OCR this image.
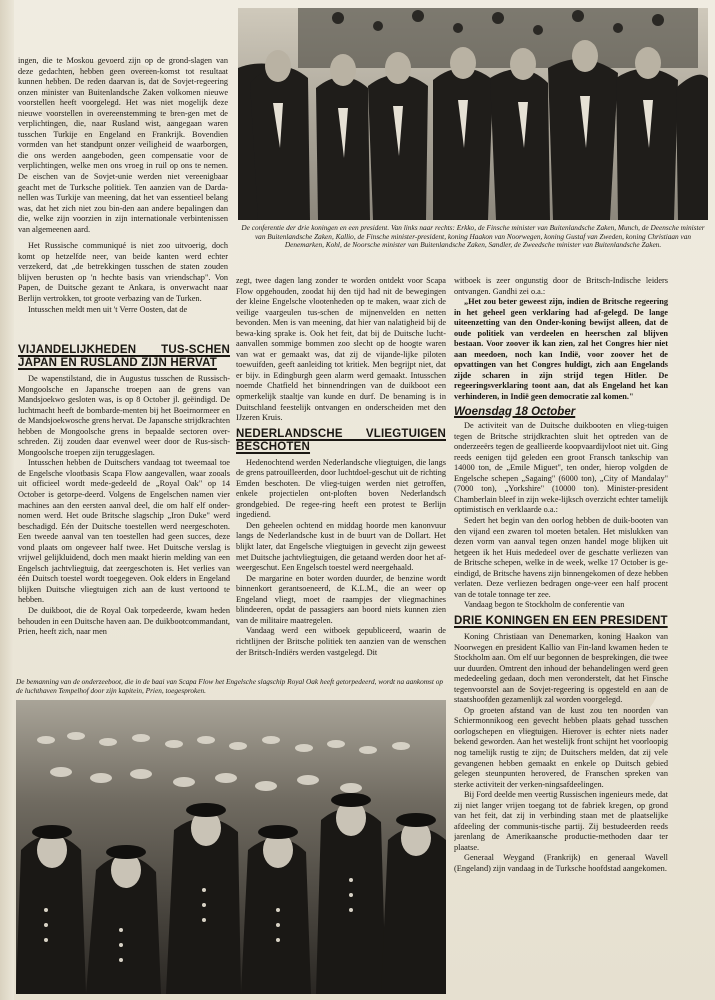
ingen, die te Moskou gevoerd zijn op de grond-slagen van deze gedachten, hebben geen overeen-komst tot resultaat kunnen hebben. De reden daarvan is, dat de Sovjet-regeering onzen minister van Buitenlandsche Zaken volkomen nieuwe voorstellen heeft voorgelegd. Het was niet mogelijk deze nieuwe voorstellen in overeenstemming te bren-gen met de verplichtingen, die, naar Rusland wist, aangegaan waren tusschen Turkije en Engeland en Frankrijk. Bovendien vormden van het standpunt onzer veiligheid de waarborgen, die ons werden aangeboden, geen compensatie voor de verplichtingen, welke men ons vroeg in ruil op ons te nemen. De eischen van de Sovjet-unie werden niet vereenigbaar geacht met de Turksche politiek. Ten aanzien van de Darda-nellen was Turkije van meening, dat het van essentieel belang was, dat het zich niet zou bin-den aan andere bepalingen dan die, welke zijn voorzien in zijn internationale verbintenissen van algemeenen aard.

Het Russische communiqué is niet zoo uitvoerig, doch komt op hetzelfde neer, van beide kanten werd echter verzekerd, dat „de betrekkingen tusschen de staten zouden blijven berusten op 'n hechte basis van vriendschap". Von Papen, de Duitsche gezant te Ankara, is onverwacht naar Berlijn vertrokken, tot groote verbazing van de Turken.

Intusschen meldt men uit 't Verre Oosten, dat de

De conferentie der drie koningen en een president. Van links naar rechts: Erkko, de Finsche minister van Buitenlandsche Zaken, Munch, de Deensche minister van Buitenlandsche Zaken, Kallio, de Finsche minister-president, koning Haakon van Noorwegen, koning Gustaf van Zweden, koning Christiaan van Denemarken, Kohl, de Noorsche minister van Buitenlandsche Zaken, Sandler, de Zweedsche minister van Buitenlandsche Zaken.
VIJANDELIJKHEDEN TUS-SCHEN JAPAN EN RUSLAND ZIJN HERVAT

De wapenstilstand, die in Augustus tusschen de Russisch-Mongoolsche en Japansche troepen aan de grens van Mandsjoekwo gesloten was, is op 8 October jl. geëindigd. De luchtmacht heeft de bombarde-menten bij het Boeirnormeer en de Mandsjoekwosche grens hervat. De Japansche strijdkrachten hebben de Mongoolsche grens in bepaalde sectoren over-schreden. Zij zouden daar evenwel weer door de Rus-sisch-Mongoolsche troepen zijn teruggeslagen.

Intusschen hebben de Duitschers vandaag tot tweemaal toe de Engelsche vlootbasis Scapa Flow aangevallen, waar zooals uit officieel wordt mede-gedeeld de „Royal Oak" op 14 October is getorpe-deerd. Volgens de Engelschen namen vier machines aan den eersten aanval deel, die om half elf onder-nomen werd. Het oude Britsche slagschip „Iron Duke" werd beschadigd. Eén der Duitsche toestellen werd neergeschoten. Een tweede aanval van ten toestellen had geen succes, deze vond plaats om ongeveer half twee. Het Duitsche verslag is vrijwel gelijkluidend, doch men maakt hierin melding van een Engelsch jachtvliegtuig, dat zeergeschoten is. Het verlies van één Duitsch toestel wordt toegegeven. Ook elders in Engeland blijken Duitsche vliegtuigen zich aan de kust vertoond te hebben.

De duikboot, die de Royal Oak torpedeerde, kwam heden behouden in een Duitsche haven aan. De duikbootcommandant, Prien, heeft zich, naar men

zegt, twee dagen lang zonder te worden ontdekt voor Scapa Flow opgehouden, zoodat hij den tijd had nit de bewegingen der kleine Engelsche vlootenheden op te maken, waar zich de veilige vaargeulen tus-schen de mijnenvelden en netten bevonden. Men is van meening, dat hier van nalatigheid bij de bewa-king sprake is. Ook het feit, dat bij de Duitsche lucht-aanvallen sommige bommen zoo slecht op de hoogte waren van wat er gemaakt was, dat zij de vijande-lijke piloten toewuifden, geeft aanleiding tot kritiek. Men begrijpt niet, dat er bijv. in Edingburgh geen alarm werd gemaakt. Intusschen noemde Chatfield het binnendringen van de duikboot een opmerkelijk staaltje van kunde en durf. De benaming is in Duitschland feestelijk ontvangen en onderscheiden met den IJzeren Kruis.

NEDERLANDSCHE VLIEGTUIGEN BESCHOTEN

Hedenochtend werden Nederlandsche vliegtuigen, die langs de grens patrouilleerden, door luchtdoel-geschut uit de richting Emden beschoten. De vlieg-tuigen werden niet getroffen, enkele projectielen ont-ploften boven Nederlandsch grondgebied. De regee-ring heeft een protest te Berlijn ingediend.

Den geheelen ochtend en middag hoorde men kanonvuur langs de Nederlandsche kust in de buurt van de Dollart. Het blijkt later, dat Engelsche vliegtuigen in gevecht zijn geweest met Duitsche jachtvliegtuigen, die getaand werden door het af-weergeschut. Een Engelsch toestel werd neergehaald.

De margarine en boter worden duurder, de benzine wordt binnenkort gerantsoeneerd, de K.L.M., die an weer op Engeland vliegt, moet de raampjes der vliegmachines blindeeren, opdat de passagiers aan boord niets kunnen zien van de militaire maatregelen.

Vandaag werd een witboek gepubliceerd, waarin de richtlijnen der Britsche politiek ten aanzien van de wenschen der Britsch-Indiërs werden vastgelegd. Dit

witboek is zeer ongunstig door de Britsch-Indische leiders ontvangen. Gandhi zei o.a.:

„Het zou beter geweest zijn, indien de Britsche regeering in het geheel geen verklaring had af-gelegd. De lange uiteenzetting van den Onder-koning bewijst alleen, dat de oude politiek van verdeelen en heerschen zal blijven bestaan. Voor zoover ik kan zien, zal het Congres hier niet aan meedoen, noch kan Indië, voor zoover het de opvattingen van het Congres huldigt, zich aan Engelands zijde scharen in zijn strijd tegen Hitler. De regeeringsverklaring toont aan, dat als Engeland het kan verhinderen, in Indië geen democratie zal komen."

Woensdag 18 October

De activiteit van de Duitsche duikbooten en vlieg-tuigen tegen de Britsche strijdkrachten sluit het optreden van de onderzeeërs tegen de geallieerde koopvaardijvloot niet uit. Ging reeds eenigen tijd geleden een groot Fransch tankschip van 14000 ton, de „Emile Miguet", ten onder, hierop volgden de Engelsche schepen „Sagaing" (6000 ton), „City of Mandalay" (7000 ton), „Yorkshire" (10000 ton). Minister-president Chamberlain bleef in zijn weke-lijksch overzicht echter tamelijk optimistisch en verklaarde o.a.:

Sedert het begin van den oorlog hebben de duik-booten van den vijand een zwaren tol moeten betalen. Het mislukken van dezen vorm van aanval tegen onzen handel moge blijken uit hetgeen ik het Huis mededeel over de geschatte verliezen van de Britsche schepen, welke in de week, welke 17 October is ge-eindigd, de Britsche havens zijn binnengekomen of deze hebben verlaten. Deze verliezen bedragen onge-veer een half procent van de totale tonnage ter zee.

Vandaag begon te Stockholm de conferentie van

DRIE KONINGEN EN EEN PRESIDENT

Koning Christiaan van Denemarken, koning Haakon van Noorwegen en president Kallio van Fin-land kwamen heden te Stockholm aan. Om elf uur begonnen de besprekingen, die twee uur duurden. Omtrent den inhoud der behandelingen werd geen mededeeling gedaan, doch men veronderstelt, dat het Finsche tegenvoorstel aan de Sovjet-regeering is opgesteld en aan de staatshoofden gezamenlijk zal worden voorgelegd.

Op groeten afstand van de kust zou ten noorden van Schiermonnikoog een gevecht hebben plaats gehad tusschen oorlogschepen en vliegtuigen. Hierover is echter niets nader bekend geworden. Aan het westelijk front schijnt het voorloopig nog tamelijk rustig te zijn; de Duitschers melden, dat zij vele gevangenen hebben gemaakt en enkele op Duitsch gebied gelegen steunpunten herovered, de Franschen spreken van sterke activiteit der verken-ningsafdeelingen.

Bij Ford deelde men veertig Russischen ingenieurs mede, dat zij niet langer vrijen toegang tot de fabriek kregen, op grond van het feit, dat zij in verbinding staan met de plaatselijke afdeeling der communis-tische partij. Zij bestudeerden reeds jarenlang de Amerikaansche productie-methoden daar ter plaatse.

Generaal Weygand (Frankrijk) en generaal Wavell (Engeland) zijn vandaag in de Turksche hoofdstad aangekomen.

De bemanning van de onderzeeboot, die in de baai van Scapa Flow het Engelsche slagschip Royal Oak heeft getorpedeerd, wordt na aankomst op de luchthaven Tempelhof door zijn kapitein, Prien, toegesproken.
